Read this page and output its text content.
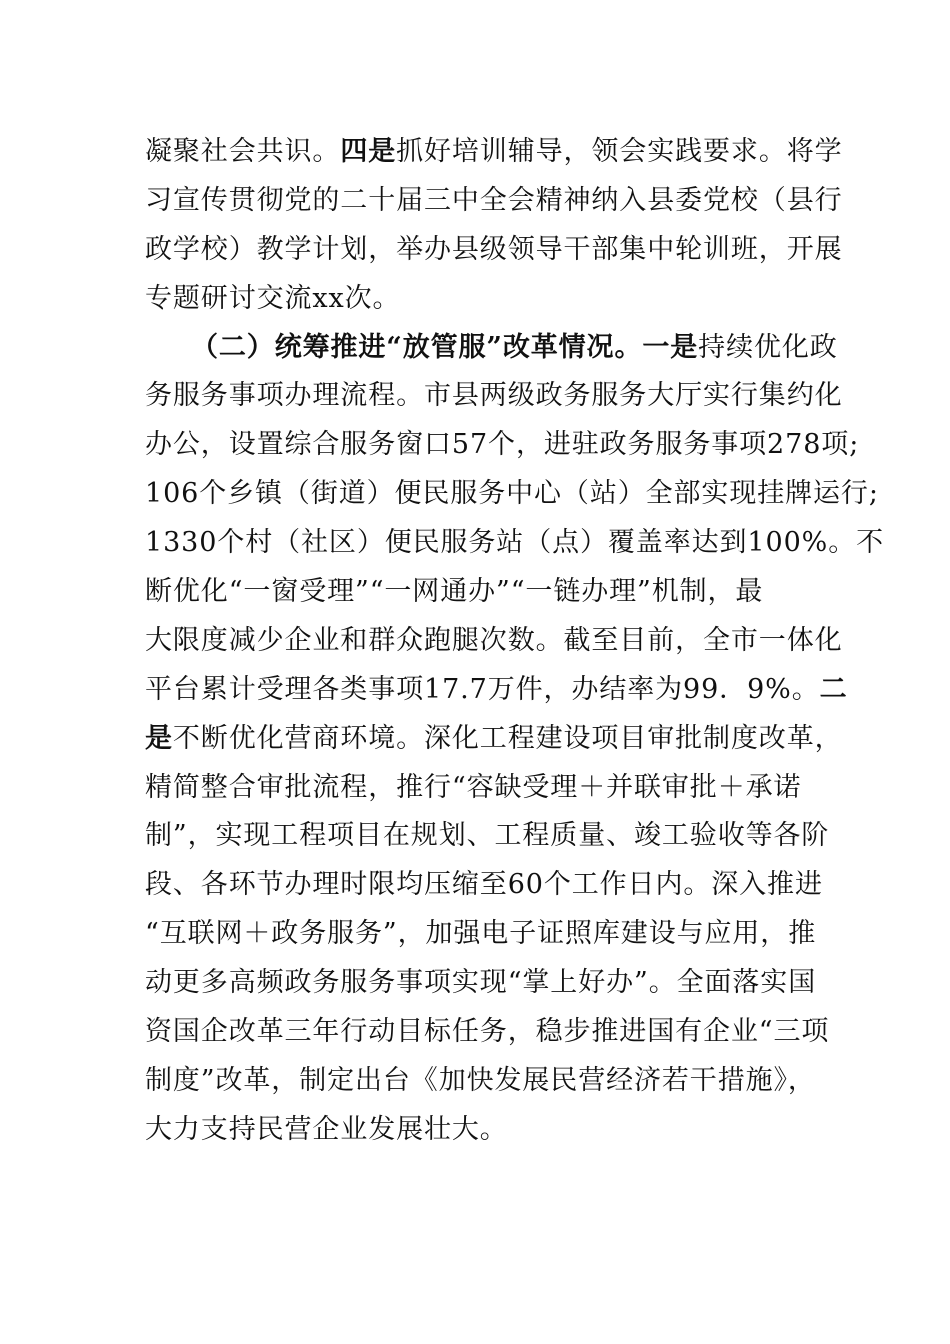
凝聚社会共识。四是抓好培训辅导，领会实践要求。将学
习宣传贯彻党的二十届三中全会精神纳入县委党校（县行
政学校）教学计划，举办县级领导干部集中轮训班，开展
专题研讨交流xx次。
（二）统筹推进“放管服”改革情况。一是持续优化政
务服务事项办理流程。市县两级政务服务大厅实行集约化
办公，设置综合服务窗口57个，进驻政务服务事项278项;
106个乡镇（街道）便民服务中心（站）全部实现挂牌运行;
1330个村（社区）便民服务站（点）覆盖率达到100%。不
断优化“一窗受理”“一网通办”“一链办理”机制，最
大限度减少企业和群众跑腿次数。截至目前，全市一体化
平台累计受理各类事项17.7万件，办结率为99．9%。二
是不断优化营商环境。深化工程建设项目审批制度改革，
精简整合审批流程，推行“容缺受理＋并联审批＋承诺
制”，实现工程项目在规划、工程质量、竣工验收等各阶
段、各环节办理时限均压缩至60个工作日内。深入推进
“互联网＋政务服务”，加强电子证照库建设与应用，推
动更多高频政务服务事项实现“掌上好办”。全面落实国
资国企改革三年行动目标任务，稳步推进国有企业“三项
制度”改革，制定出台《加快发展民营经济若干措施》，
大力支持民营企业发展壮大。
